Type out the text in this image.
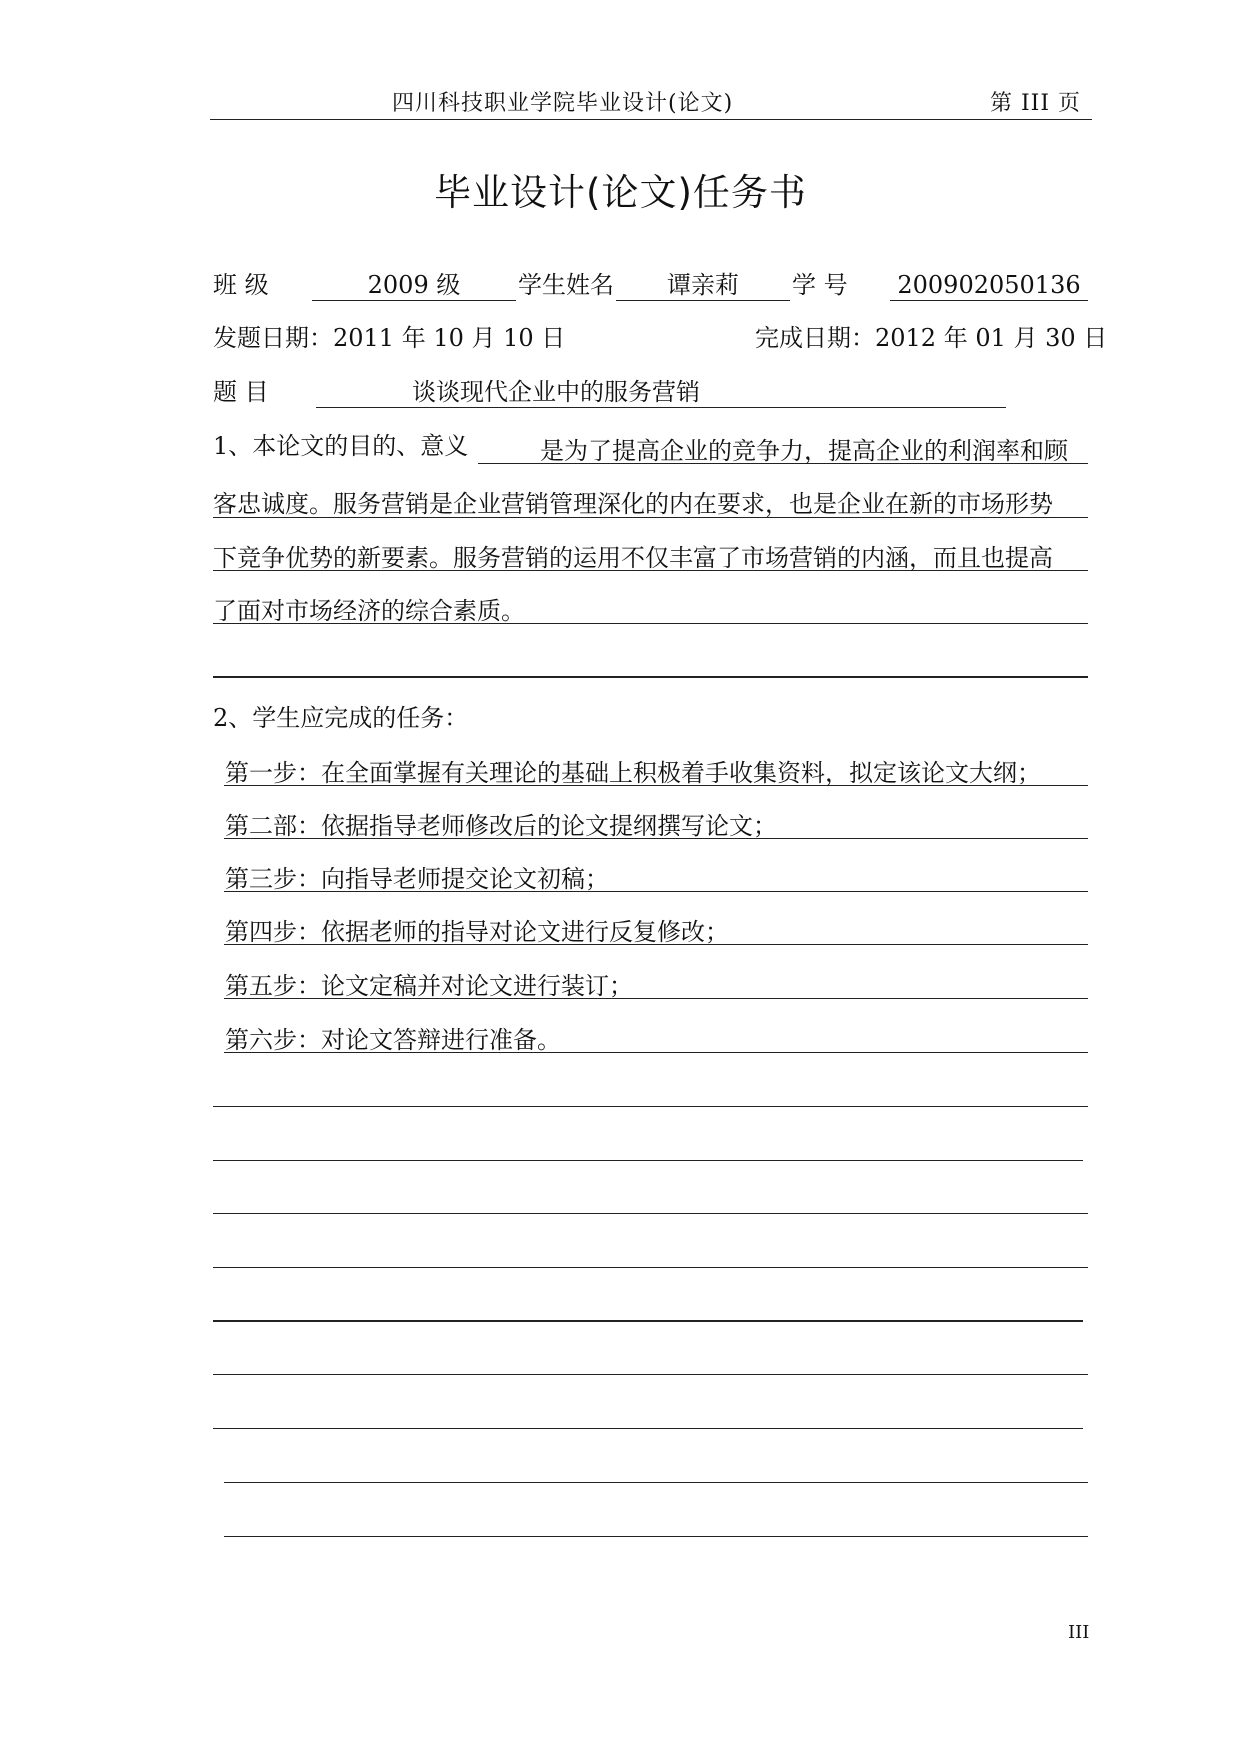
四川科技职业学院毕业设计(论文)	第 III 页
毕业设计(论文)任务书
班 级	2009 级	学生姓名	谭亲莉	学 号	200902050136
发题日期：2011 年 10 月 10 日	完成日期：2012 年 01 月 30 日
题 目	谈谈现代企业中的服务营销
1、本论文的目的、意义	是为了提高企业的竞争力，提高企业的利润率和顾
客忠诚度。服务营销是企业营销管理深化的内在要求，也是企业在新的市场形势
下竞争优势的新要素。服务营销的运用不仅丰富了市场营销的内涵，而且也提高
了面对市场经济的综合素质。
2、学生应完成的任务：
第一步：在全面掌握有关理论的基础上积极着手收集资料，拟定该论文大纲；
第二部：依据指导老师修改后的论文提纲撰写论文；
第三步：向指导老师提交论文初稿；
第四步：依据老师的指导对论文进行反复修改；
第五步：论文定稿并对论文进行装订；
第六步：对论文答辩进行准备。
III
